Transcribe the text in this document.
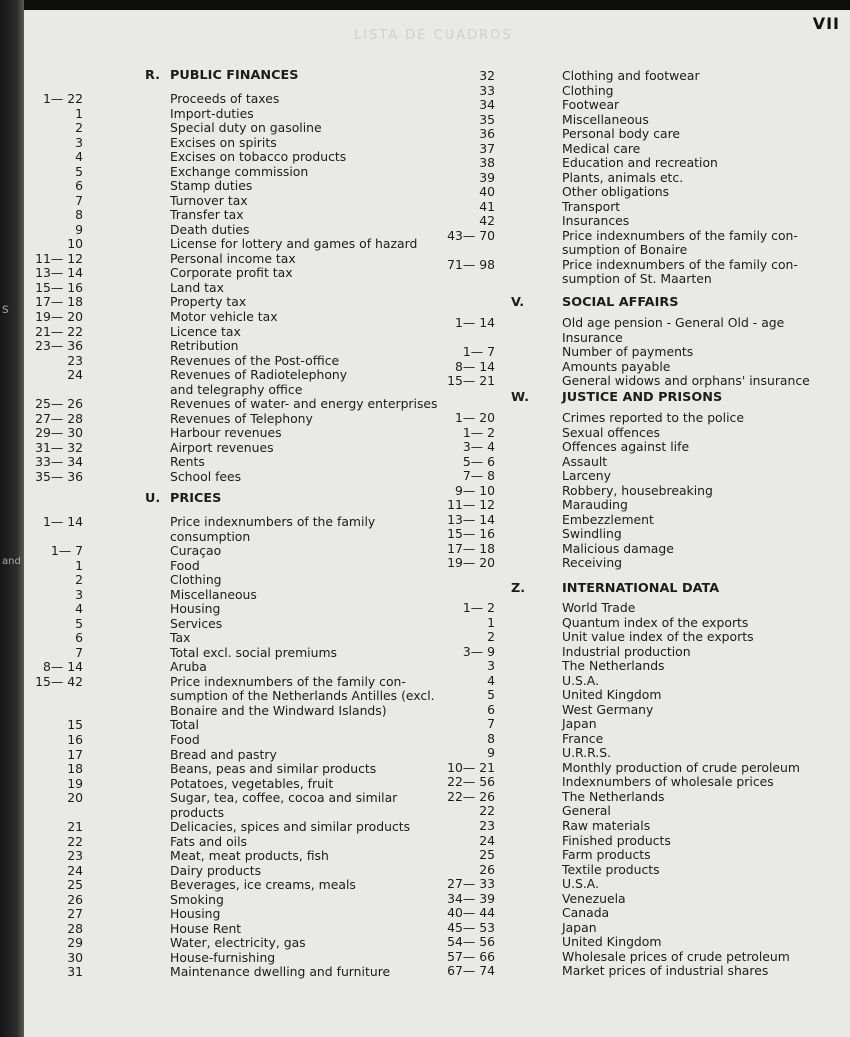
s
and
LISTA DE CUADROS
VII
R. PUBLIC FINANCES
1— 22	Proceeds of taxes
1	Import-duties
2	Special duty on gasoline
3	Excises on spirits
4	Excises on tobacco products
5	Exchange commission
6	Stamp duties
7	Turnover tax
8	Transfer tax
9	Death duties
10	License for lottery and games of hazard
11— 12	Personal income tax
13— 14	Corporate profit tax
15— 16	Land tax
17— 18	Property tax
19— 20	Motor vehicle tax
21— 22	Licence tax
23— 36	Retribution
23	Revenues of the Post-office
24	Revenues of Radiotelephony
and telegraphy office
25— 26	Revenues of water- and energy enterprises
27— 28	Revenues of Telephony
29— 30	Harbour revenues
31— 32	Airport revenues
33— 34	Rents
35— 36	School fees
U. PRICES
1— 14	Price indexnumbers of the family
consumption
1— 7	Curaçao
1	Food
2	Clothing
3	Miscellaneous
4	Housing
5	Services
6	Tax
7	Total excl. social premiums
8— 14	Aruba
15— 42	Price indexnumbers of the family con-
sumption of the Netherlands Antilles (excl.
Bonaire and the Windward Islands)
15	Total
16	Food
17	Bread and pastry
18	Beans, peas and similar products
19	Potatoes, vegetables, fruit
20	Sugar, tea, coffee, cocoa and similar
products
21	Delicacies, spices and similar products
22	Fats and oils
23	Meat, meat products, fish
24	Dairy products
25	Beverages, ice creams, meals
26	Smoking
27	Housing
28	House Rent
29	Water, electricity, gas
30	House-furnishing
31	Maintenance dwelling and furniture
32	Clothing and footwear
33	Clothing
34	Footwear
35	Miscellaneous
36	Personal body care
37	Medical care
38	Education and recreation
39	Plants, animals etc.
40	Other obligations
41	Transport
42	Insurances
43— 70	Price indexnumbers of the family con-
sumption of Bonaire
71— 98	Price indexnumbers of the family con-
sumption of St. Maarten
V.	SOCIAL AFFAIRS
1— 14	Old age pension - General Old - age
Insurance
1— 7	Number of payments
8— 14	Amounts payable
15— 21	General widows and orphans' insurance
W.	JUSTICE AND PRISONS
1— 20	Crimes reported to the police
1— 2	Sexual offences
3— 4	Offences against life
5— 6	Assault
7— 8	Larceny
9— 10	Robbery, housebreaking
11— 12	Marauding
13— 14	Embezzlement
15— 16	Swindling
17— 18	Malicious damage
19— 20	Receiving
Z.	INTERNATIONAL DATA
1— 2	World Trade
1	Quantum index of the exports
2	Unit value index of the exports
3— 9	Industrial production
3	The Netherlands
4	U.S.A.
5	United Kingdom
6	West Germany
7	Japan
8	France
9	U.R.R.S.
10— 21	Monthly production of crude peroleum
22— 56	Indexnumbers of wholesale prices
22— 26	The Netherlands
22	General
23	Raw materials
24	Finished products
25	Farm products
26	Textile products
27— 33	U.S.A.
34— 39	Venezuela
40— 44	Canada
45— 53	Japan
54— 56	United Kingdom
57— 66	Wholesale prices of crude petroleum
67— 74	Market prices of industrial shares
